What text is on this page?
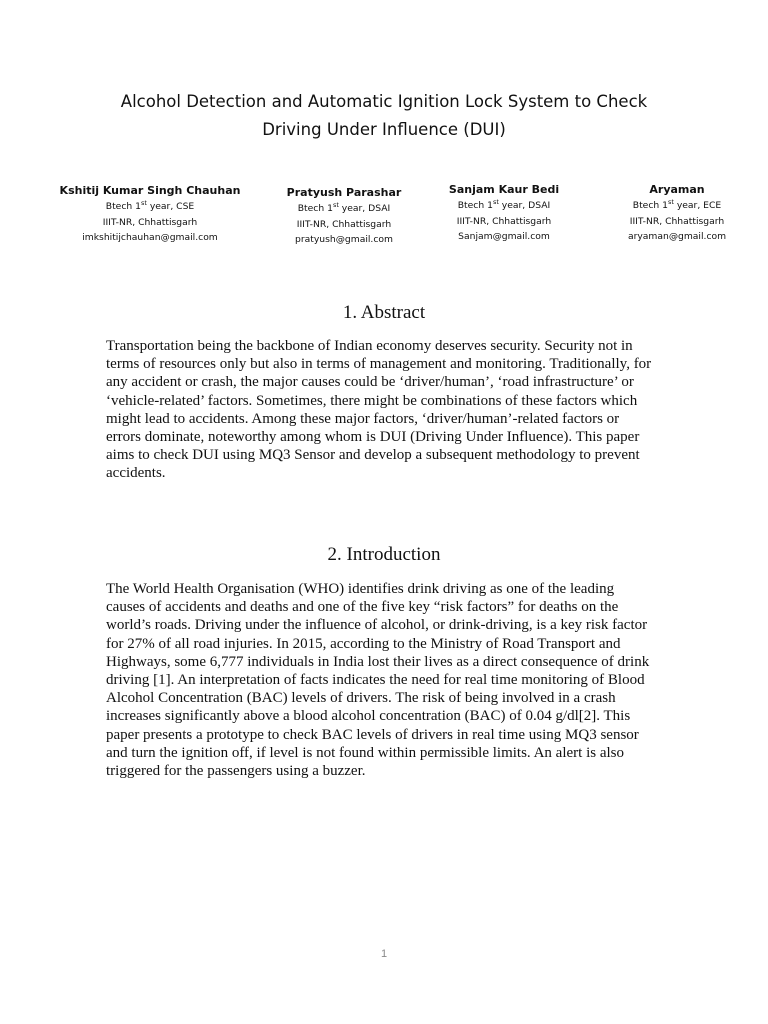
Alcohol Detection and Automatic Ignition Lock System to Check
Driving Under Influence (DUI)
Kshitij Kumar Singh Chauhan
Btech 1st year, CSE
IIIT-NR, Chhattisgarh
imkshitijchauhan@gmail.com
Pratyush Parashar
Btech 1st year, DSAI
IIIT-NR, Chhattisgarh
pratyush@gmail.com
Sanjam Kaur Bedi
Btech 1st year, DSAI
IIIT-NR, Chhattisgarh
Sanjam@gmail.com
Aryaman
Btech 1st year, ECE
IIIT-NR, Chhattisgarh
aryaman@gmail.com
1. Abstract
Transportation being the backbone of Indian economy deserves security. Security not in
terms of resources only but also in terms of management and monitoring. Traditionally, for
any accident or crash, the major causes could be ‘driver/human’, ‘road infrastructure’ or
‘vehicle-related’ factors. Sometimes, there might be combinations of these factors which
might lead to accidents. Among these major factors, ‘driver/human’-related factors or
errors dominate, noteworthy among whom is DUI (Driving Under Influence). This paper
aims to check DUI using MQ3 Sensor and develop a subsequent methodology to prevent
accidents.
2. Introduction
The World Health Organisation (WHO) identifies drink driving as one of the leading
causes of accidents and deaths and one of the five key “risk factors” for deaths on the
world’s roads. Driving under the influence of alcohol, or drink-driving, is a key risk factor
for 27% of all road injuries. In 2015, according to the Ministry of Road Transport and
Highways, some 6,777 individuals in India lost their lives as a direct consequence of drink
driving [1]. An interpretation of facts indicates the need for real time monitoring of Blood
Alcohol Concentration (BAC) levels of drivers. The risk of being involved in a crash
increases significantly above a blood alcohol concentration (BAC) of 0.04 g/dl[2]. This
paper presents a prototype to check BAC levels of drivers in real time using MQ3 sensor
and turn the ignition off, if level is not found within permissible limits. An alert is also
triggered for the passengers using a buzzer.
1
